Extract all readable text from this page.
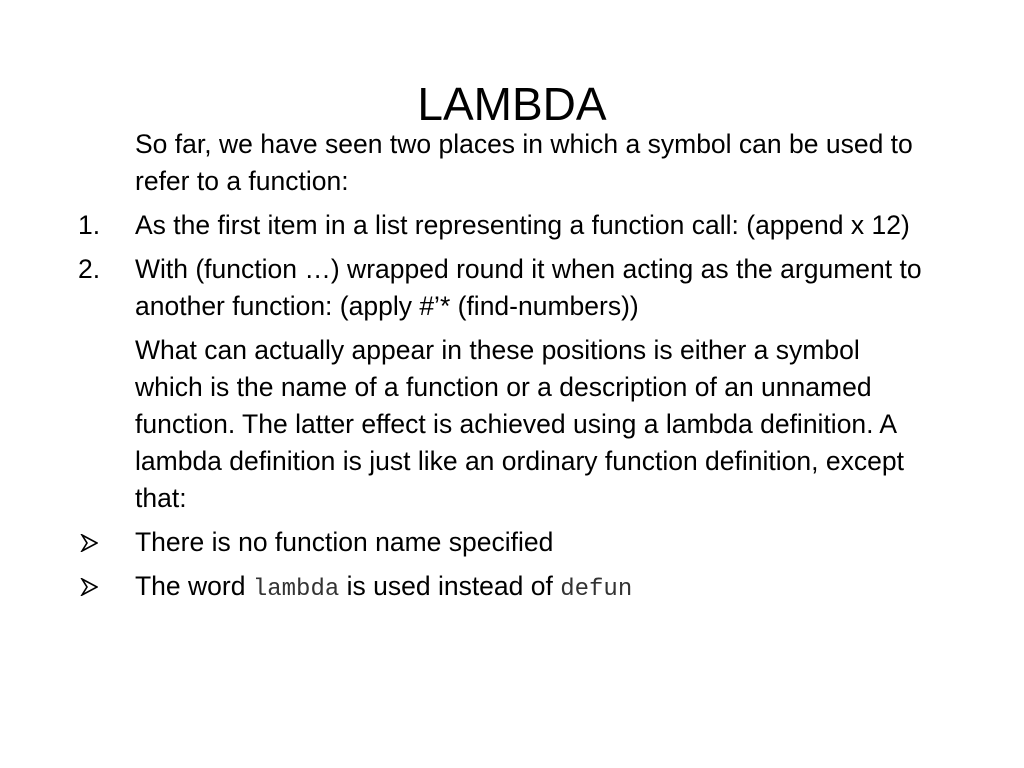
LAMBDA

So far, we have seen two places in which a symbol can be used to refer to a function:

1.	As the first item in a list representing a function call: (append x 12)
2.	With (function …) wrapped round it when acting as the argument to another function: (apply #’* (find-numbers))

What can actually appear in these positions is either a symbol which is the name of a function or a description of an unnamed function. The latter effect is achieved using a lambda definition. A lambda definition is just like an ordinary function definition, except that:

There is no function name specified
The word lambda is used instead of defun
